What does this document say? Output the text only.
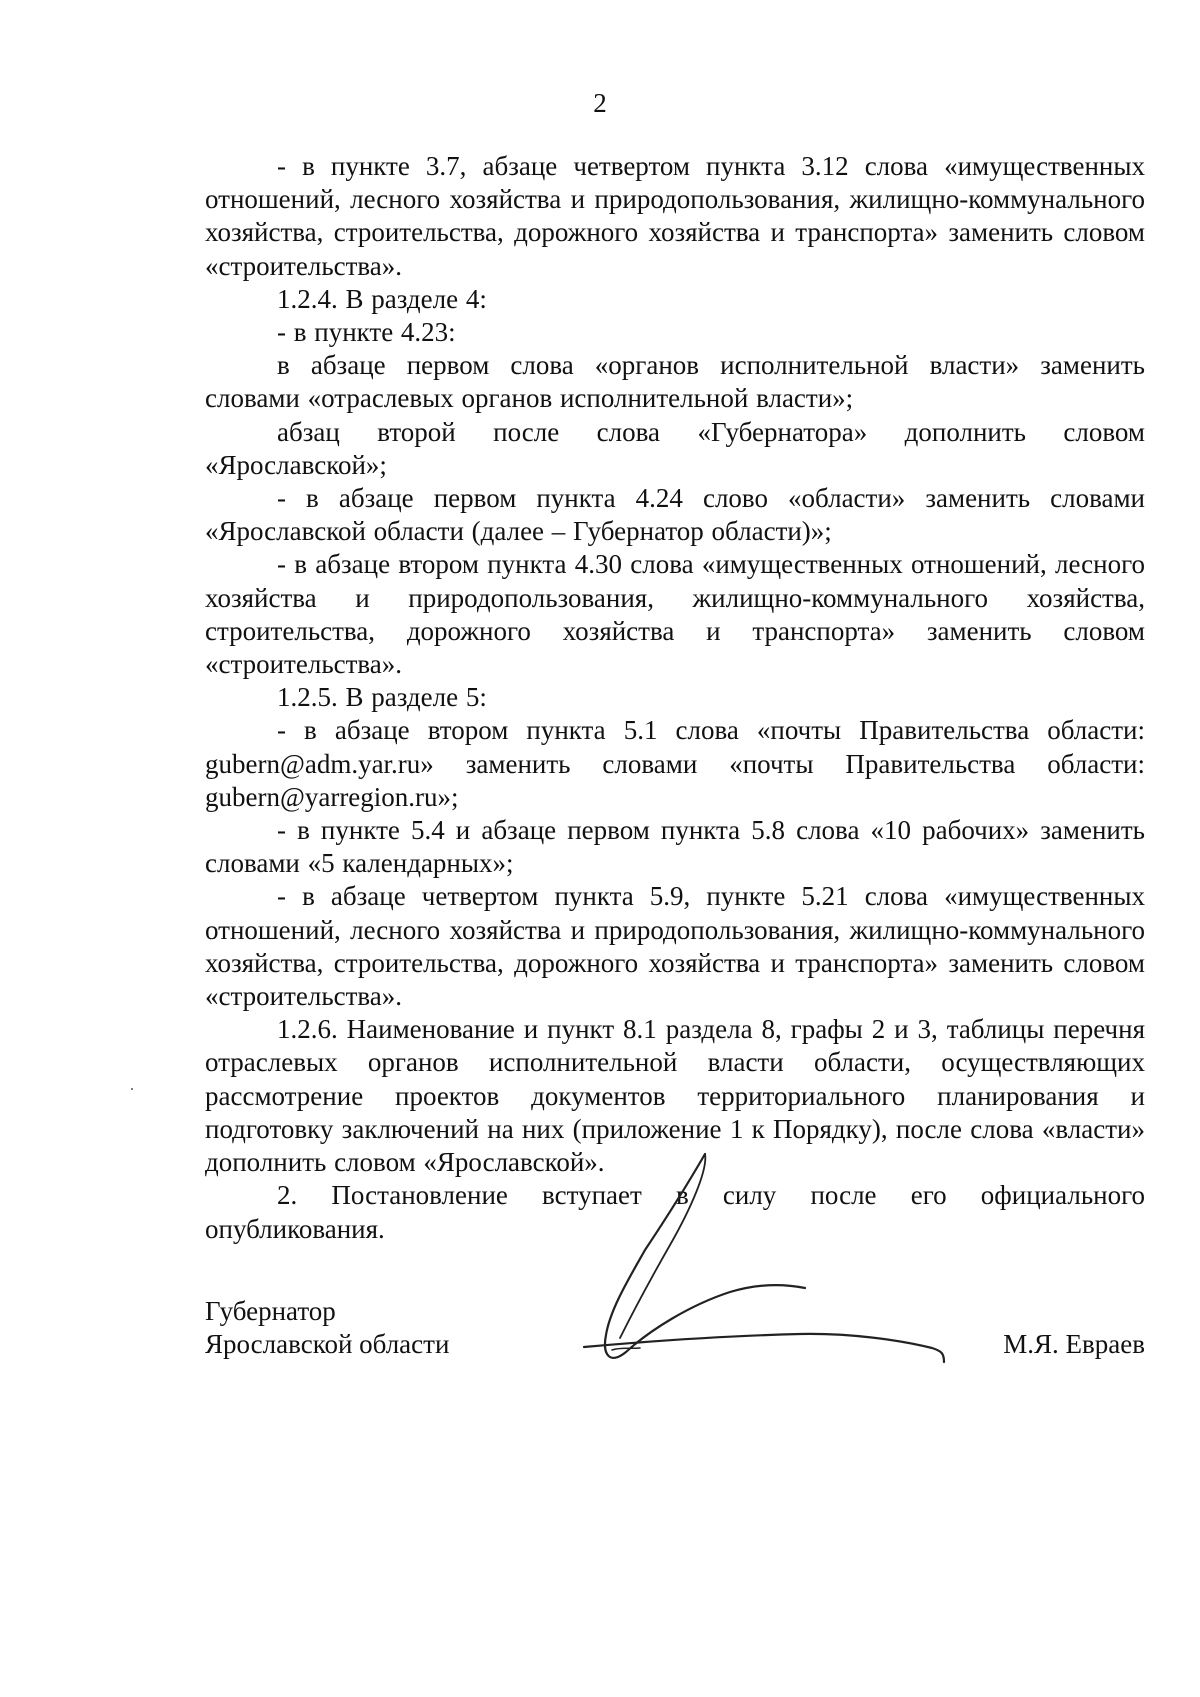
2

- в пункте 3.7, абзаце четвертом пункта 3.12 слова «имущественных отношений, лесного хозяйства и природопользования, жилищно-коммунального хозяйства, строительства, дорожного хозяйства и транспорта» заменить словом «строительства».

1.2.4. В разделе 4:

- в пункте 4.23:

в абзаце первом слова «органов исполнительной власти» заменить словами «отраслевых органов исполнительной власти»;

абзац второй после слова «Губернатора» дополнить словом «Ярославской»;

- в абзаце первом пункта 4.24 слово «области» заменить словами «Ярославской области (далее – Губернатор области)»;

- в абзаце втором пункта 4.30 слова «имущественных отношений, лесного хозяйства и природопользования, жилищно-коммунального хозяйства, строительства, дорожного хозяйства и транспорта» заменить словом «строительства».

1.2.5. В разделе 5:

- в абзаце втором пункта 5.1 слова «почты Правительства области: gubern@adm.yar.ru» заменить словами «почты Правительства области: gubern@yarregion.ru»;

- в пункте 5.4 и абзаце первом пункта 5.8 слова «10 рабочих» заменить словами «5 календарных»;

- в абзаце четвертом пункта 5.9, пункте 5.21 слова «имущественных отношений, лесного хозяйства и природопользования, жилищно-коммунального хозяйства, строительства, дорожного хозяйства и транспорта» заменить словом «строительства».

1.2.6. Наименование и пункт 8.1 раздела 8, графы 2 и 3, таблицы перечня отраслевых органов исполнительной власти области, осуществляющих рассмотрение проектов документов территориального планирования и подготовку заключений на них (приложение 1 к Порядку), после слова «власти» дополнить словом «Ярославской».

2. Постановление вступает в силу после его официального опубликования.

Губернатор
Ярославской области	М.Я. Евраев
